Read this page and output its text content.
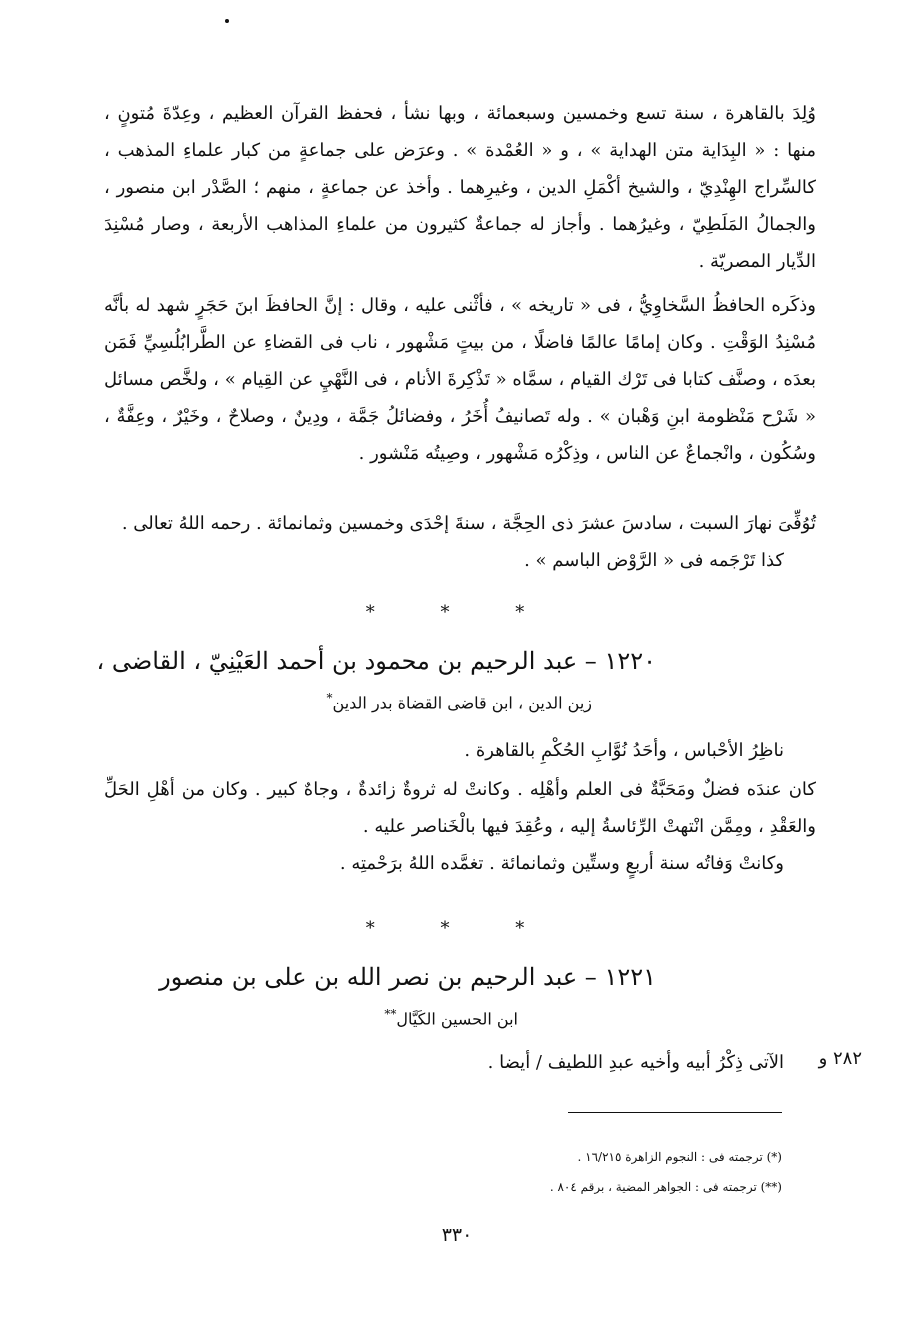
وُلِدَ بالقاهرة ، سنة تسع وخمسين وسبعمائة ، وبها نشأ ، فحفظ القرآن العظيم ، وعِدّةَ مُتونٍ ، منها : « البِدَاية متن الهداية » ، و « العُمْدة » . وعرَض على جماعةٍ من كبار علماءِ المذهب ، كالسِّراج الهِنْدِيّ ، والشيخ أكْمَلِ الدين ، وغيرِهما . وأخذ عن جماعةٍ ، منهم ؛ الصَّدْر ابن منصور ، والجمالُ المَلَطِيّ ، وغيرُهما . وأجاز له جماعةٌ كثيرون من علماءِ المذاهب الأربعة ، وصار مُسْنِدَ الدِّيار المصريّة .

وذكَره الحافظُ السَّخاوِيُّ ، فى « تاريخه » ، فأثْنى عليه ، وقال : إنَّ الحافظَ ابنَ حَجَرٍ شهد له بأنَّه مُسْنِدُ الوَقْتِ . وكان إمامًا عالمًا فاضلًا ، من بيتٍ مَشْهور ، ناب فى القضاءِ عن الطَّرابُلُسِيِّ فَمَن بعدَه ، وصنَّف كتابا فى تَرْك القيام ، سمَّاه « تَذْكِرةَ الأنام ، فى النَّهْيِ عن القِيام » ، ولخَّص مسائل « شَرْح مَنْظومة ابنِ وَهْبان » . وله تَصانيفُ أُخَرُ ، وفضائلُ جَمَّة ، ودِينٌ ، وصلاحٌ ، وخَيْرٌ ، وعِفَّةٌ ، وسُكُون ، وانْجماعٌ عن الناس ، وذِكْرُه مَشْهور ، وصِيتُه مَنْشور .

تُوُفِّىَ نهارَ السبت ، سادسَ عشرَ ذى الحِجَّة ، سنةَ إحْدَى وخمسين وثمانمائة . رحمه اللهُ تعالى .

كذا تَرْجَمه فى « الرَّوْض الباسم » .

* * *
١٢٢٠ – عبد الرحيم بن محمود بن أحمد العَيْنِيّ ، القاضى ،
زين الدين ، ابن قاضى القضاة بدر الدين*

ناظِرُ الأحْباس ، وأحَدُ نُوَّابِ الحُكْمِ بالقاهرة .

كان عندَه فضلٌ ومَحَبَّةٌ فى العلم وأهْلِه . وكانتْ له ثروةٌ زائدةٌ ، وجاهٌ كبير . وكان من أهْلِ الحَلِّ والعَقْدِ ، ومِمَّن انْتهتْ الرِّئاسةُ إليه ، وعُقِدَ فيها بالْخَناصر عليه .

وكانتْ وَفاتُه سنة أربعٍ وستِّين وثمانمائة . تغمَّده اللهُ برَحْمتِه .

* * *
١٢٢١ – عبد الرحيم بن نصر الله بن على بن منصور
ابن الحسين الكَيَّال**
٢٨٢ و

الآتى ذِكْرُ أبيه وأخيه عبدِ اللطيف / أيضا .

(*) ترجمته فى : النجوم الزاهرة ١٦/٢١٥ .
(**) ترجمته فى : الجواهر المضية ، برقم ٨٠٤ .
٣٣٠
